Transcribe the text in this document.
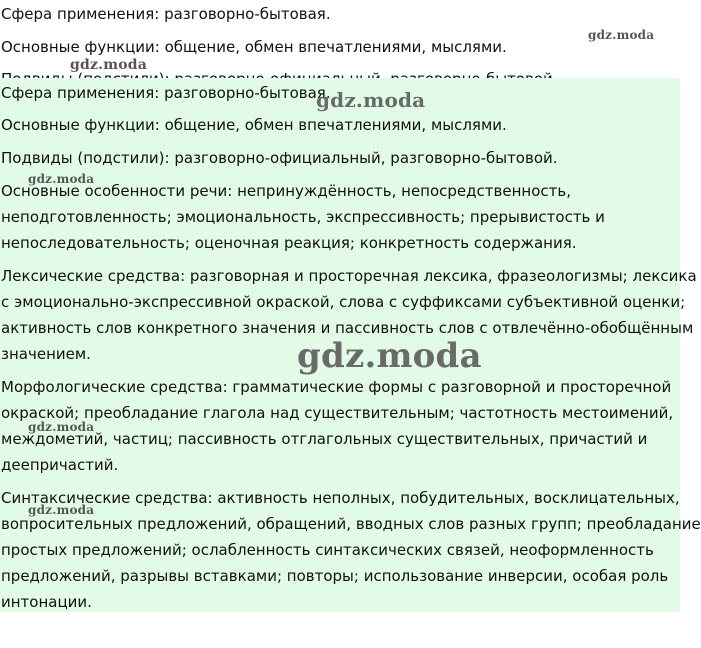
Сфера применения: разговорно-бытовая.

Основные функции: общение, обмен впечатлениями, мыслями.

Сфера применения: разговорно-бытовая.

Основные функции: общение, обмен впечатлениями, мыслями.

Подвиды (подстили): разговорно-официальный, разговорно-бытовой.

Основные особенности речи: непринуждённость, непосредственность,

неподготовленность; эмоциональность, экспрессивность; прерывистость и

непоследовательность; оценочная реакция; конкретность содержания.

Лексические средства: разговорная и просторечная лексика, фразеологизмы; лексика

с эмоционально-экспрессивной окраской, слова с суффиксами субъективной оценки;

активность слов конкретного значения и пассивность слов с отвлечённо-обобщённым

значением.

Морфологические средства: грамматические формы с разговорной и просторечной

окраской; преобладание глагола над существительным; частотность местоимений,

междометий, частиц; пассивность отглагольных существительных, причастий и

деепричастий.

Синтаксические средства: активность неполных, побудительных, восклицательных,

вопросительных предложений, обращений, вводных слов разных групп; преобладание

простых предложений; ослабленность синтаксических связей, неоформленность

предложений, разрывы вставками; повторы; использование инверсии, особая роль

интонации.

gdz.moda
gdz.moda
gdz.moda
gdz.moda
gdz.moda
gdz.moda
gdz.moda
